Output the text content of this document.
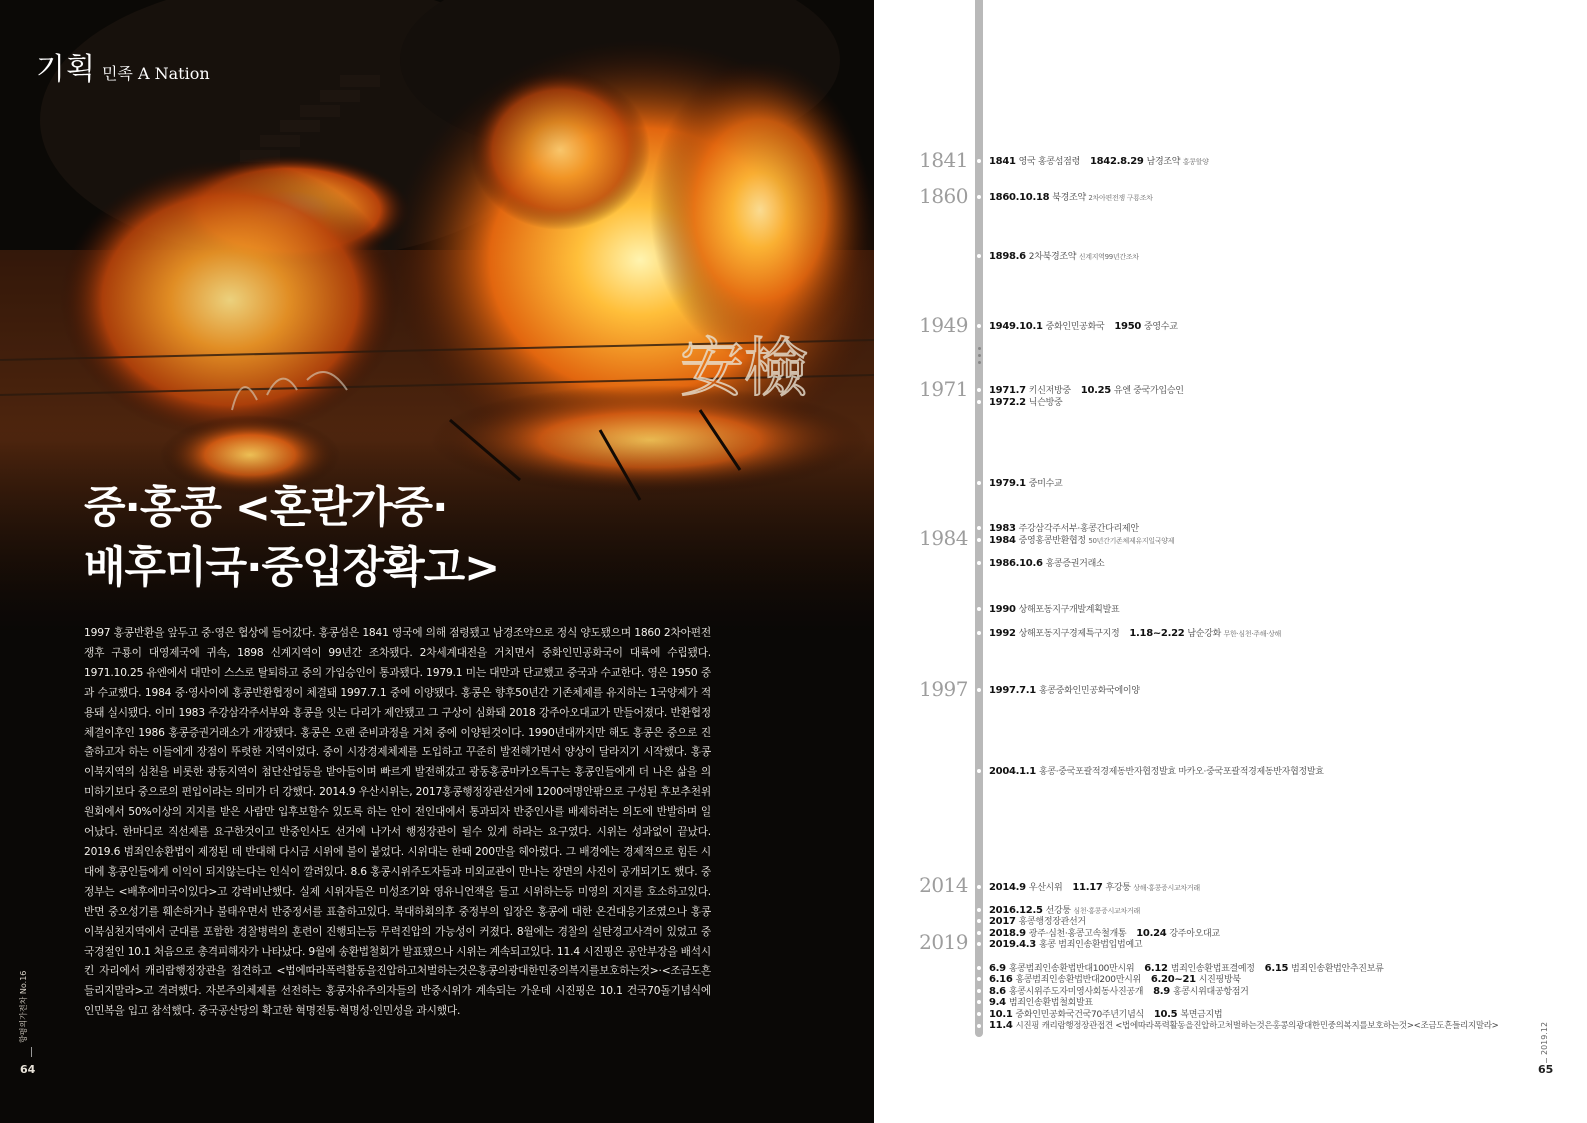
安檢
기획 민족 A Nation
중·홍콩 <혼란가중·
배후미국·중입장확고>

1997 홍콩반환을 앞두고 중·영은 협상에 들어갔다. 홍콩섬은 1841 영국에 의해 점령됐고 남경조약으로 정식 양도됐으며 1860 2차아편전쟁후 구룡이 대영제국에 귀속, 1898 신계지역이 99년간 조차됐다. 2차세계대전을 거치면서 중화인민공화국이 대륙에 수립됐다. 1971.10.25 유엔에서 대만이 스스로 탈퇴하고 중의 가입승인이 통과됐다. 1979.1 미는 대만과 단교했고 중국과 수교한다. 영은 1950 중과 수교했다. 1984 중·영사이에 홍콩반환협정이 체결돼 1997.7.1 중에 이양됐다. 홍콩은 향후50년간 기존체제를 유지하는 1국양제가 적용돼 실시됐다. 이미 1983 주강삼각주서부와 홍콩을 잇는 다리가 제안됐고 그 구상이 심화돼 2018 강주아오대교가 만들어졌다. 반환협정체결이후인 1986 홍콩증권거래소가 개장됐다. 홍콩은 오랜 준비과정을 거쳐 중에 이양된것이다. 1990년대까지만 해도 홍콩은 중으로 진출하고자 하는 이들에게 장점이 뚜렷한 지역이었다. 중이 시장경제체제를 도입하고 꾸준히 발전해가면서 양상이 달라지기 시작했다. 홍콩이북지역의 심천을 비롯한 광동지역이 첨단산업등을 받아들이며 빠르게 발전해갔고 광동홍콩마카오특구는 홍콩인들에게 더 나은 삶을 의미하기보다 중으로의 편입이라는 의미가 더 강했다. 2014.9 우산시위는, 2017홍콩행정장관선거에 1200여명안팎으로 구성된 후보추천위원회에서 50%이상의 지지를 받은 사람만 입후보할수 있도록 하는 안이 전인대에서 통과되자 반중인사를 배제하려는 의도에 반발하며 일어났다. 한마디로 직선제를 요구한것이고 반중인사도 선거에 나가서 행정장관이 될수 있게 하라는 요구였다. 시위는 성과없이 끝났다. 2019.6 범죄인송환법이 제정된 데 반대해 다시금 시위에 불이 붙었다. 시위대는 한때 200만을 헤아렸다. 그 배경에는 경제적으로 힘든 시대에 홍콩인들에게 이익이 되지않는다는 인식이 깔려있다. 8.6 홍콩시위주도자들과 미외교관이 만나는 장면의 사진이 공개되기도 했다. 중정부는 <배후에미국이있다>고 강력비난했다. 실제 시위자들은 미성조기와 영유니언잭을 들고 시위하는등 미영의 지지를 호소하고있다. 반면 중오성기를 훼손하거나 불태우면서 반중정서를 표출하고있다. 북대하회의후 중정부의 입장은 홍콩에 대한 온건대응기조였으나 홍콩이북심천지역에서 군대를 포함한 경찰병력의 훈련이 진행되는등 무력진압의 가능성이 커졌다. 8월에는 경찰의 실탄경고사격이 있었고 중국경절인 10.1 처음으로 총격피해자가 나타났다. 9월에 송환법철회가 발표됐으나 시위는 계속되고있다. 11.4 시진핑은 공안부장을 배석시킨 자리에서 캐리람행정장관을 접견하고 <법에따라폭력활동을진압하고처벌하는것은홍콩의광대한민중의복지를보호하는것>·<조금도흔들리지말라>고 격려했다. 자본주의체제를 선전하는 홍콩자유주의자들의 반중시위가 계속되는 가운데 시진핑은 10.1 건국70돌기념식에 인민복을 입고 참석했다. 중국공산당의 확고한 혁명전통·혁명성·인민성을 과시했다.

향평의가전차 No.16
64
1841
1860
1949
1971
1984
1997
2014
2019
1841 영국 홍콩섬점령 1842.8.29 남경조약 홍콩할양
1860.10.18 북경조약 2차아편전쟁 구룡조차
1898.6 2차북경조약 신계지역99년간조차
1949.10.1 중화인민공화국 1950 중영수교
1971.7 키신저방중 10.25 유엔 중국가입승인
1972.2 닉슨방중
1979.1 중미수교
1983 주강삼각주서부·홍콩간다리제안
1984 중영홍콩반환협정 50년간기존체제유지일국양제
1986.10.6 홍콩증권거래소
1990 상해포동지구개발계획발표
1992 상해포동지구경제특구지정 1.18~2.22 남순강화 무한·심천·주해·상해
1997.7.1 홍콩중화인민공화국에이양
2004.1.1 홍콩·중국포괄적경제동반자협정발효 마카오·중국포괄적경제동반자협정발효
2014.9 우산시위 11.17 후강퉁 상해·홍콩증시교차거래
2016.12.5 선강퉁 심천·홍콩증시교차거래
2017 홍콩행정장관선거
2018.9 광주·심천·홍콩고속철개통 10.24 강주아오대교
2019.4.3 홍콩 범죄인송환법입법예고
6.9 홍콩범죄인송환법반대100만시위 6.12 범죄인송환법표결예정 6.15 범죄인송환법안추진보류
6.16 홍콩범죄인송환법반대200만시위 6.20~21 시진핑방북
8.6 홍콩시위주도자미영사회동사진공개 8.9 홍콩시위대공항점거
9.4 범죄인송환법철회발표
10.1 중화인민공화국건국70주년기념식 10.5 복면금지법
11.4 시진핑 캐리람행정장관접견 <법에따라폭력활동을진압하고처벌하는것은홍콩의광대한민중의복지를보호하는것><조금도흔들리지말라>	2019.12
65
